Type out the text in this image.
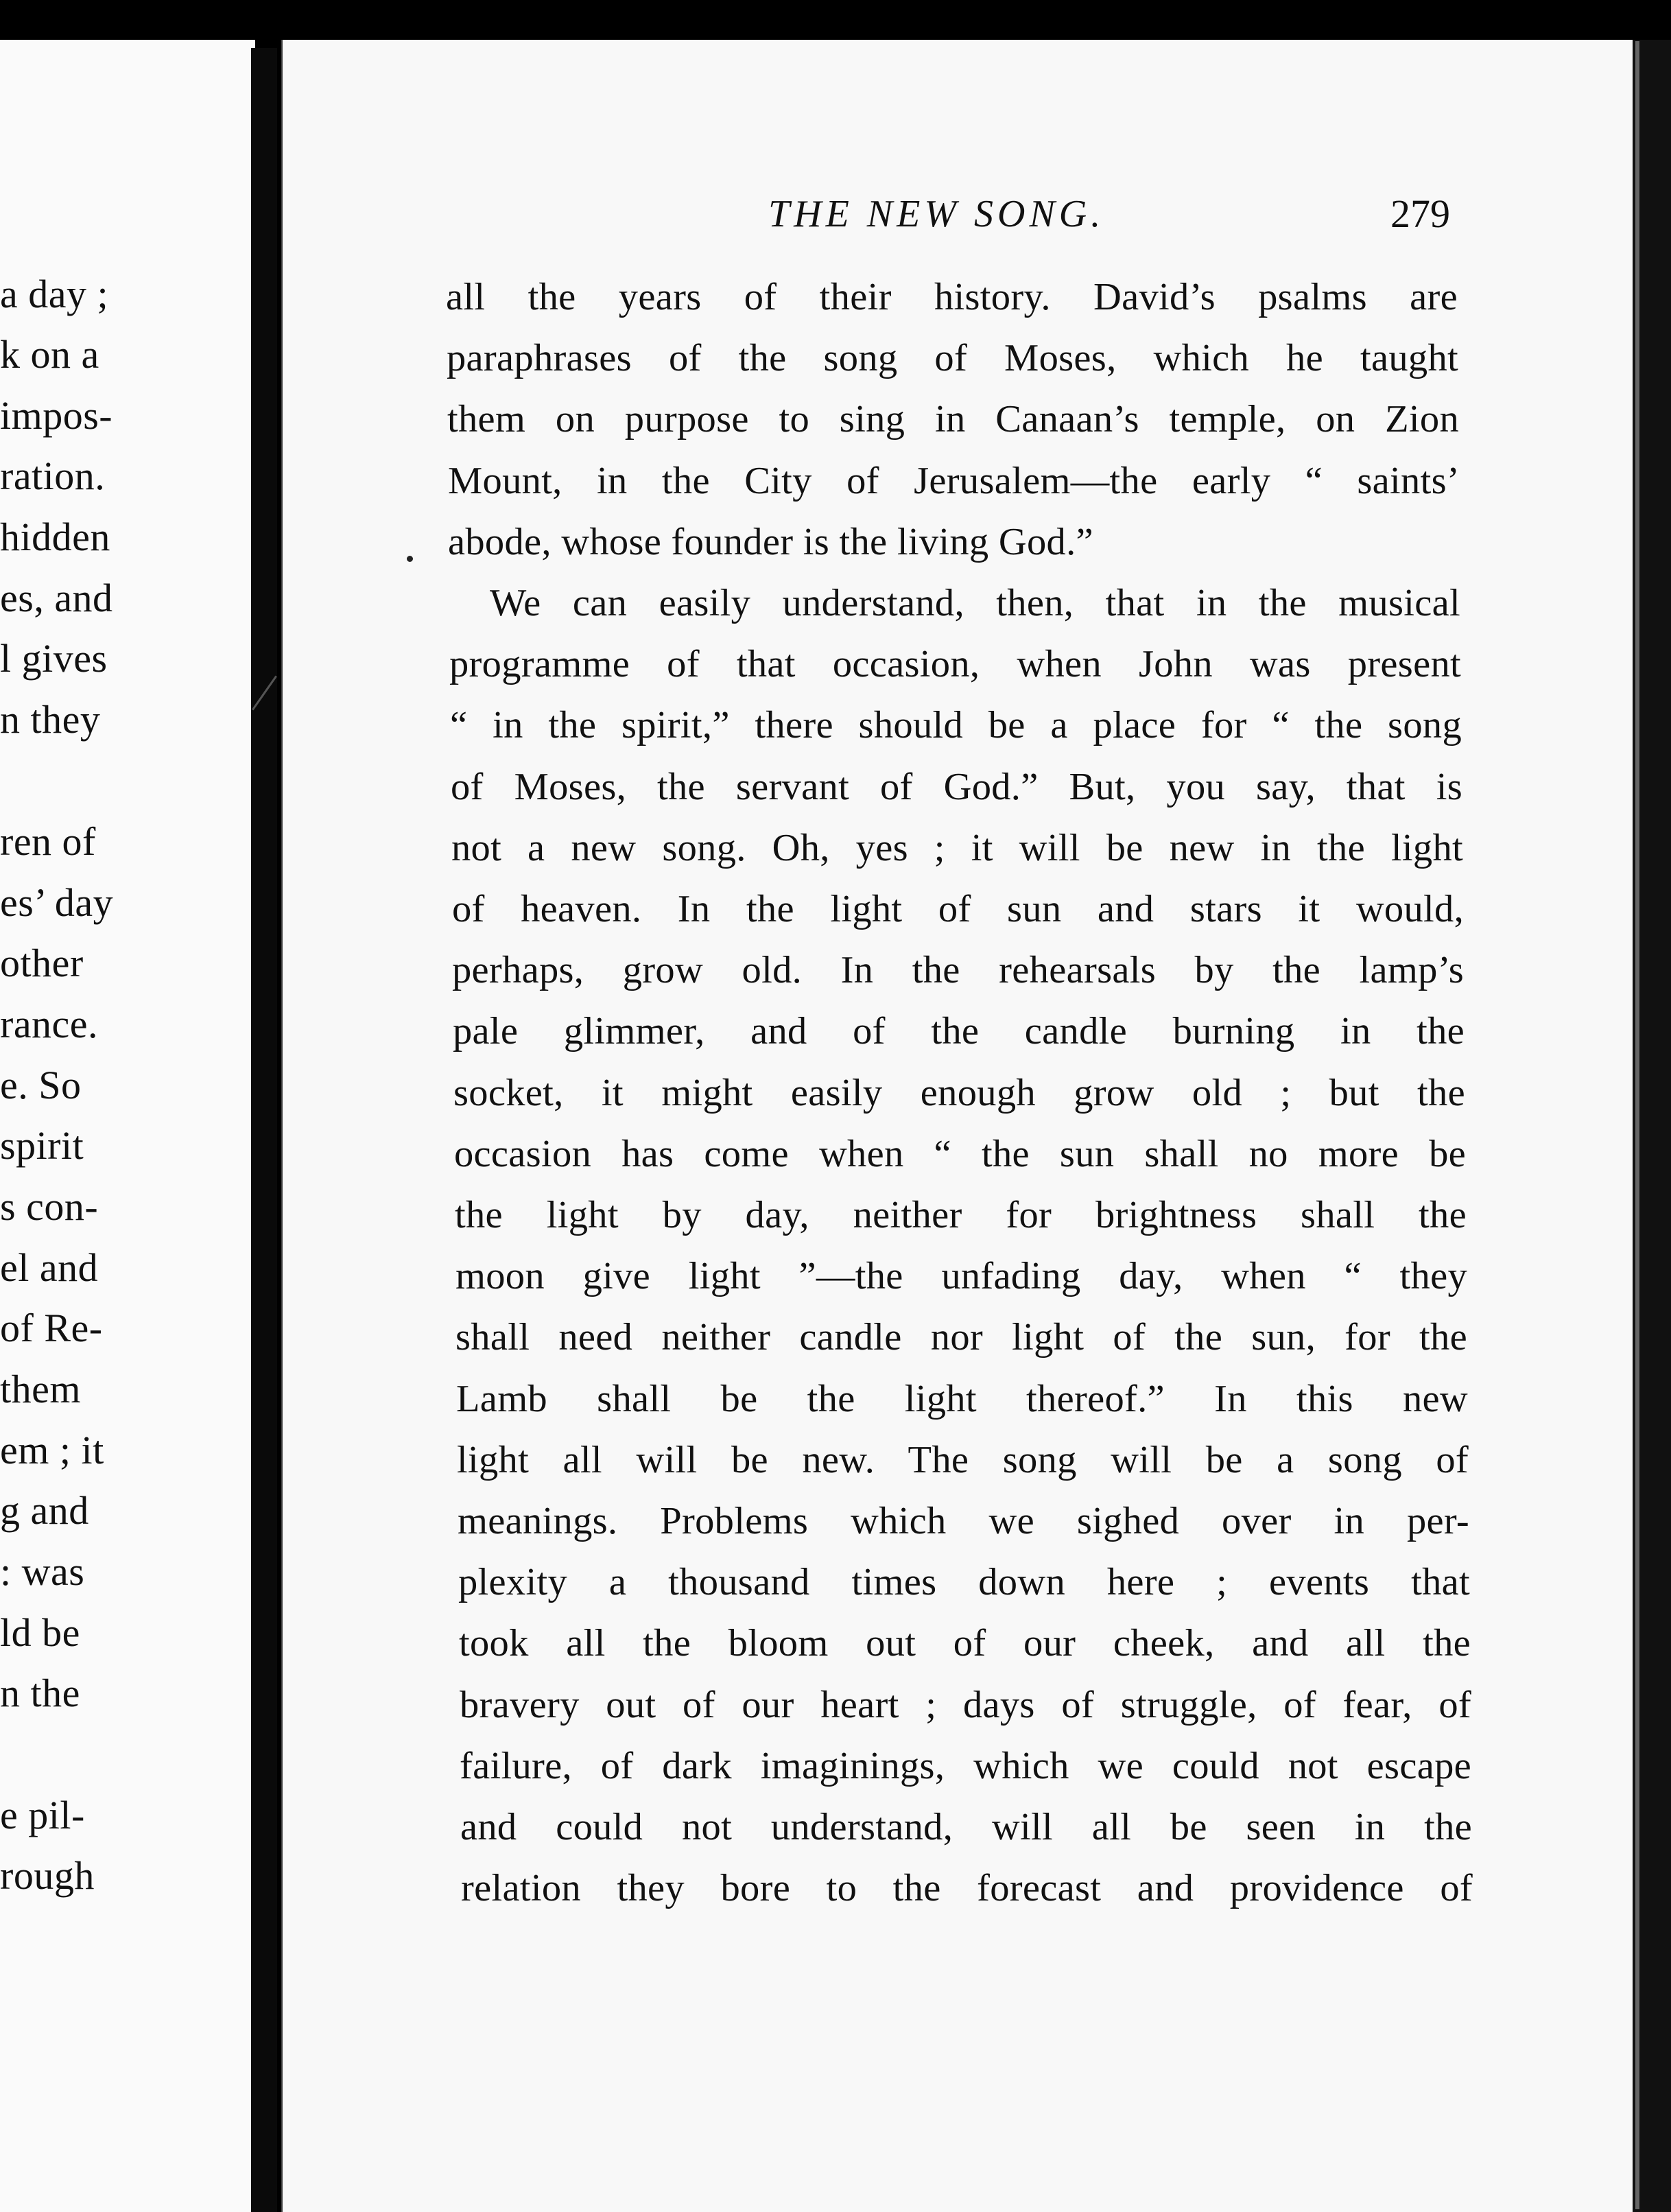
a day ;
k on a
impos-
ration.
hidden
es, and
l gives
n they
ren of
es’ day
other
rance.
e. So
spirit
s con-
el and
of Re-
them
em ; it
g and
: was
ld be
n the
e pil-
rough
THE NEW SONG.	279
all the years of their history. David’s psalms are
paraphrases of the song of Moses, which he taught
them on purpose to sing in Canaan’s temple, on Zion
Mount, in the City of Jerusalem—the early “ saints’
abode, whose founder is the living God.”
We can easily understand, then, that in the musical
programme of that occasion, when John was present
“ in the spirit,” there should be a place for “ the song
of Moses, the servant of God.” But, you say, that is
not a new song. Oh, yes ; it will be new in the light
of heaven. In the light of sun and stars it would,
perhaps, grow old. In the rehearsals by the lamp’s
pale glimmer, and of the candle burning in the
socket, it might easily enough grow old ; but the
occasion has come when “ the sun shall no more be
the light by day, neither for brightness shall the
moon give light ”—the unfading day, when “ they
shall need neither candle nor light of the sun, for the
Lamb shall be the light thereof.” In this new
light all will be new. The song will be a song of
meanings. Problems which we sighed over in per-
plexity a thousand times down here ; events that
took all the bloom out of our cheek, and all the
bravery out of our heart ; days of struggle, of fear, of
failure, of dark imaginings, which we could not escape
and could not understand, will all be seen in the
relation they bore to the forecast and providence of
